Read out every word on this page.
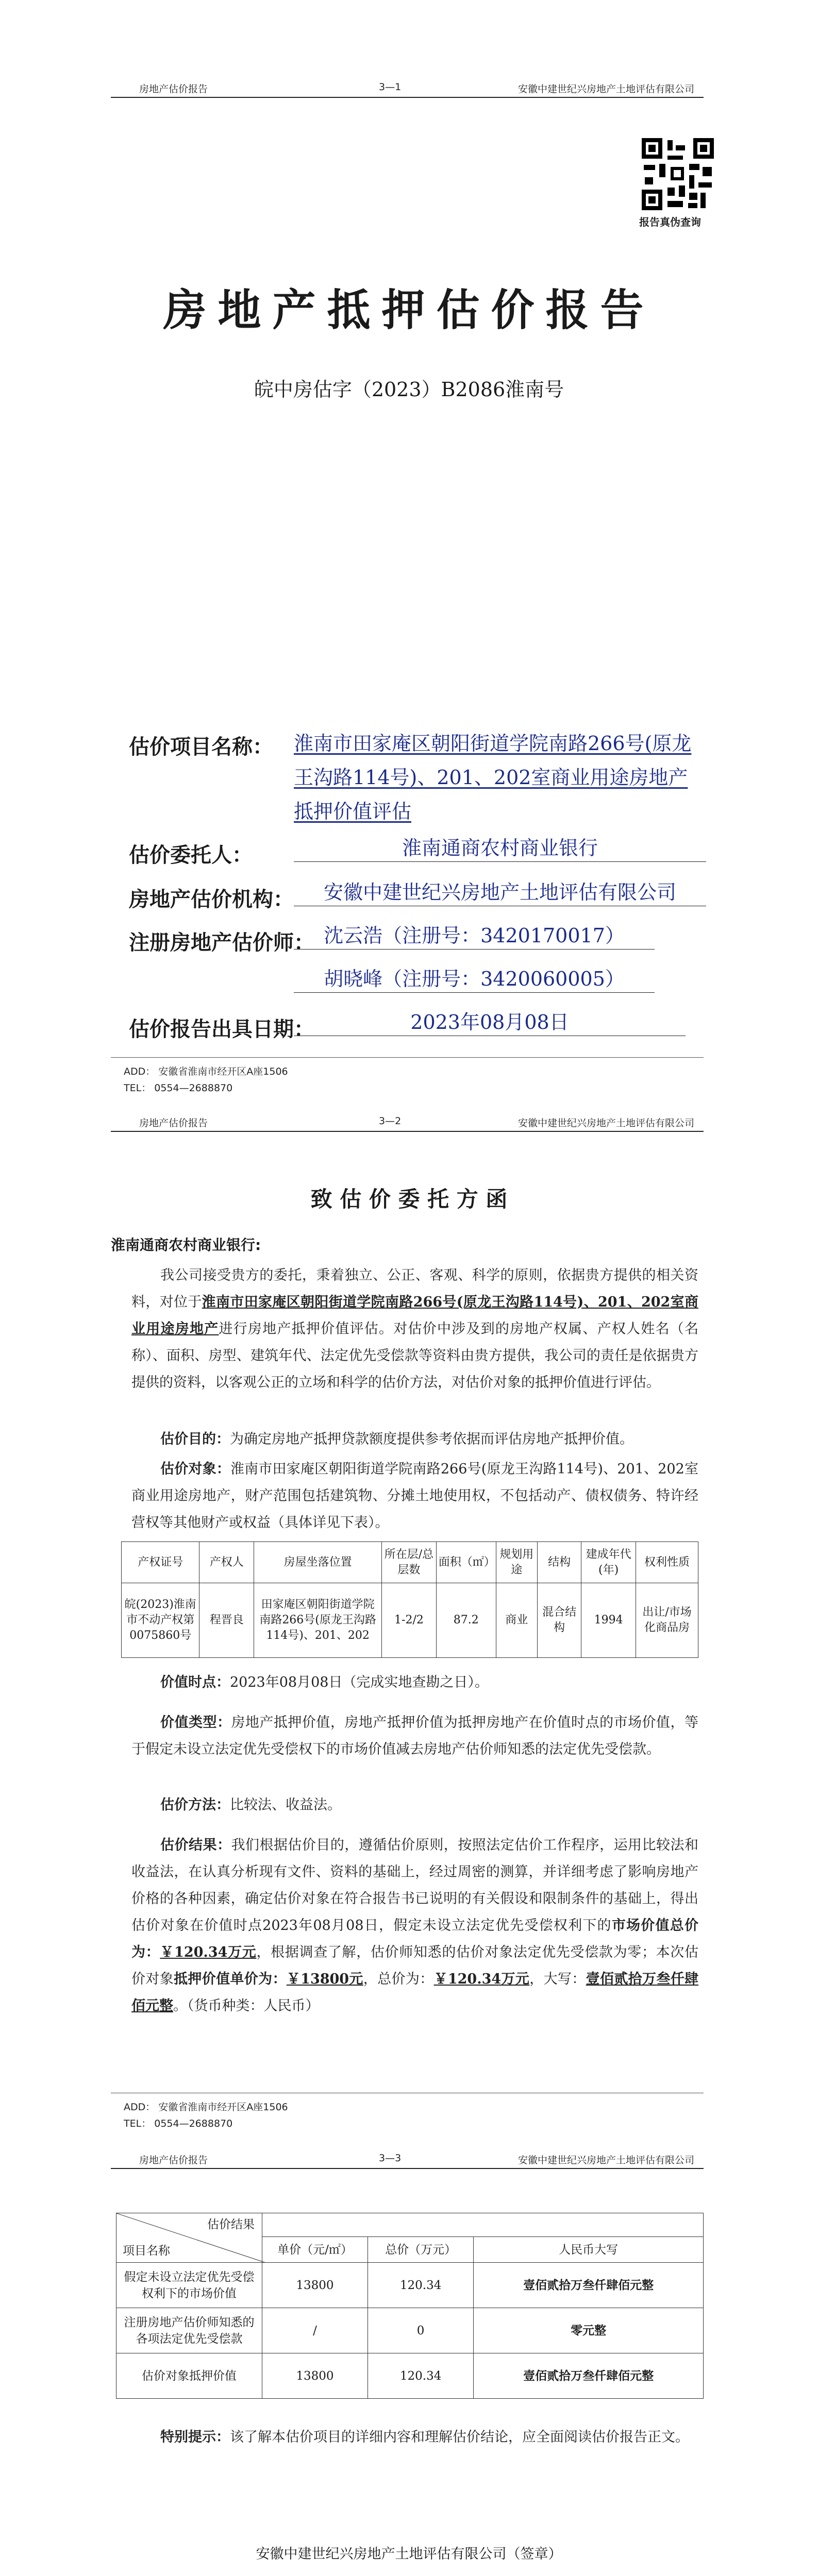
房地产估价报告	3—1	安徽中建世纪兴房地产土地评估有限公司
报告真伪查询
房地产抵押估价报告
皖中房估字（2023）B2086淮南号
估价项目名称： 淮南市田家庵区朝阳街道学院南路266号(原龙王沟路114号)、201、202室商业用途房地产抵押价值评估
估价委托人：	淮南通商农村商业银行
房地产估价机构：	安徽中建世纪兴房地产土地评估有限公司
注册房地产估价师： 沈云浩（注册号：3420170017）
胡晓峰（注册号：3420060005）
估价报告出具日期：	2023年08月08日
ADD： 安徽省淮南市经开区A座1506
TEL： 0554—2688870
房地产估价报告	3—2	安徽中建世纪兴房地产土地评估有限公司
致 估 价 委 托 方 函
淮南通商农村商业银行:
我公司接受贵方的委托，秉着独立、公正、客观、科学的原则，依据贵方提供的相关资料，对位于淮南市田家庵区朝阳街道学院南路266号(原龙王沟路114号)、201、202室商业用途房地产进行房地产抵押价值评估。对估价中涉及到的房地产权属、产权人姓名（名称）、面积、房型、建筑年代、法定优先受偿款等资料由贵方提供，我公司的责任是依据贵方提供的资料，以客观公正的立场和科学的估价方法，对估价对象的抵押价值进行评估。
估价目的：为确定房地产抵押贷款额度提供参考依据而评估房地产抵押价值。
估价对象：淮南市田家庵区朝阳街道学院南路266号(原龙王沟路114号)、201、202室商业用途房地产，财产范围包括建筑物、分摊土地使用权，不包括动产、债权债务、特许经营权等其他财产或权益（具体详见下表）。
产权证号	产权人	房屋坐落位置	所在层/总层数	面积（㎡）	规划用途	结构	建成年代(年)	权利性质
皖(2023)淮南市不动产权第0075860号	程晋良	田家庵区朝阳街道学院南路266号(原龙王沟路114号)、201、202	1-2/2	87.2	商业	混合结构	1994	出让/市场化商品房
价值时点：2023年08月08日（完成实地查勘之日）。
价值类型：房地产抵押价值，房地产抵押价值为抵押房地产在价值时点的市场价值，等于假定未设立法定优先受偿权下的市场价值减去房地产估价师知悉的法定优先受偿款。
估价方法：比较法、收益法。
估价结果：我们根据估价目的，遵循估价原则，按照法定估价工作程序，运用比较法和收益法，在认真分析现有文件、资料的基础上，经过周密的测算，并详细考虑了影响房地产价格的各种因素，确定估价对象在符合报告书已说明的有关假设和限制条件的基础上，得出估价对象在价值时点2023年08月08日，假定未设立法定优先受偿权利下的市场价值总价为：￥120.34万元，根据调查了解，估价师知悉的估价对象法定优先受偿款为零；本次估价对象抵押价值单价为：￥13800元，总价为：￥120.34万元，大写：壹佰贰拾万叁仟肆佰元整。（货币种类：人民币）
ADD： 安徽省淮南市经开区A座1506
TEL： 0554—2688870
房地产估价报告	3—3	安徽中建世纪兴房地产土地评估有限公司
估价结果
项目名称			

	单价（元/㎡）	总价（万元）	人民币大写
假定未设立法定优先受偿权利下的市场价值	13800	120.34	壹佰贰拾万叁仟肆佰元整
注册房地产估价师知悉的各项法定优先受偿款	/	0	零元整
估价对象抵押价值	13800	120.34	壹佰贰拾万叁仟肆佰元整
特别提示：该了解本估价项目的详细内容和理解估价结论，应全面阅读估价报告正文。
安徽中建世纪兴房地产土地评估有限公司（签章）
